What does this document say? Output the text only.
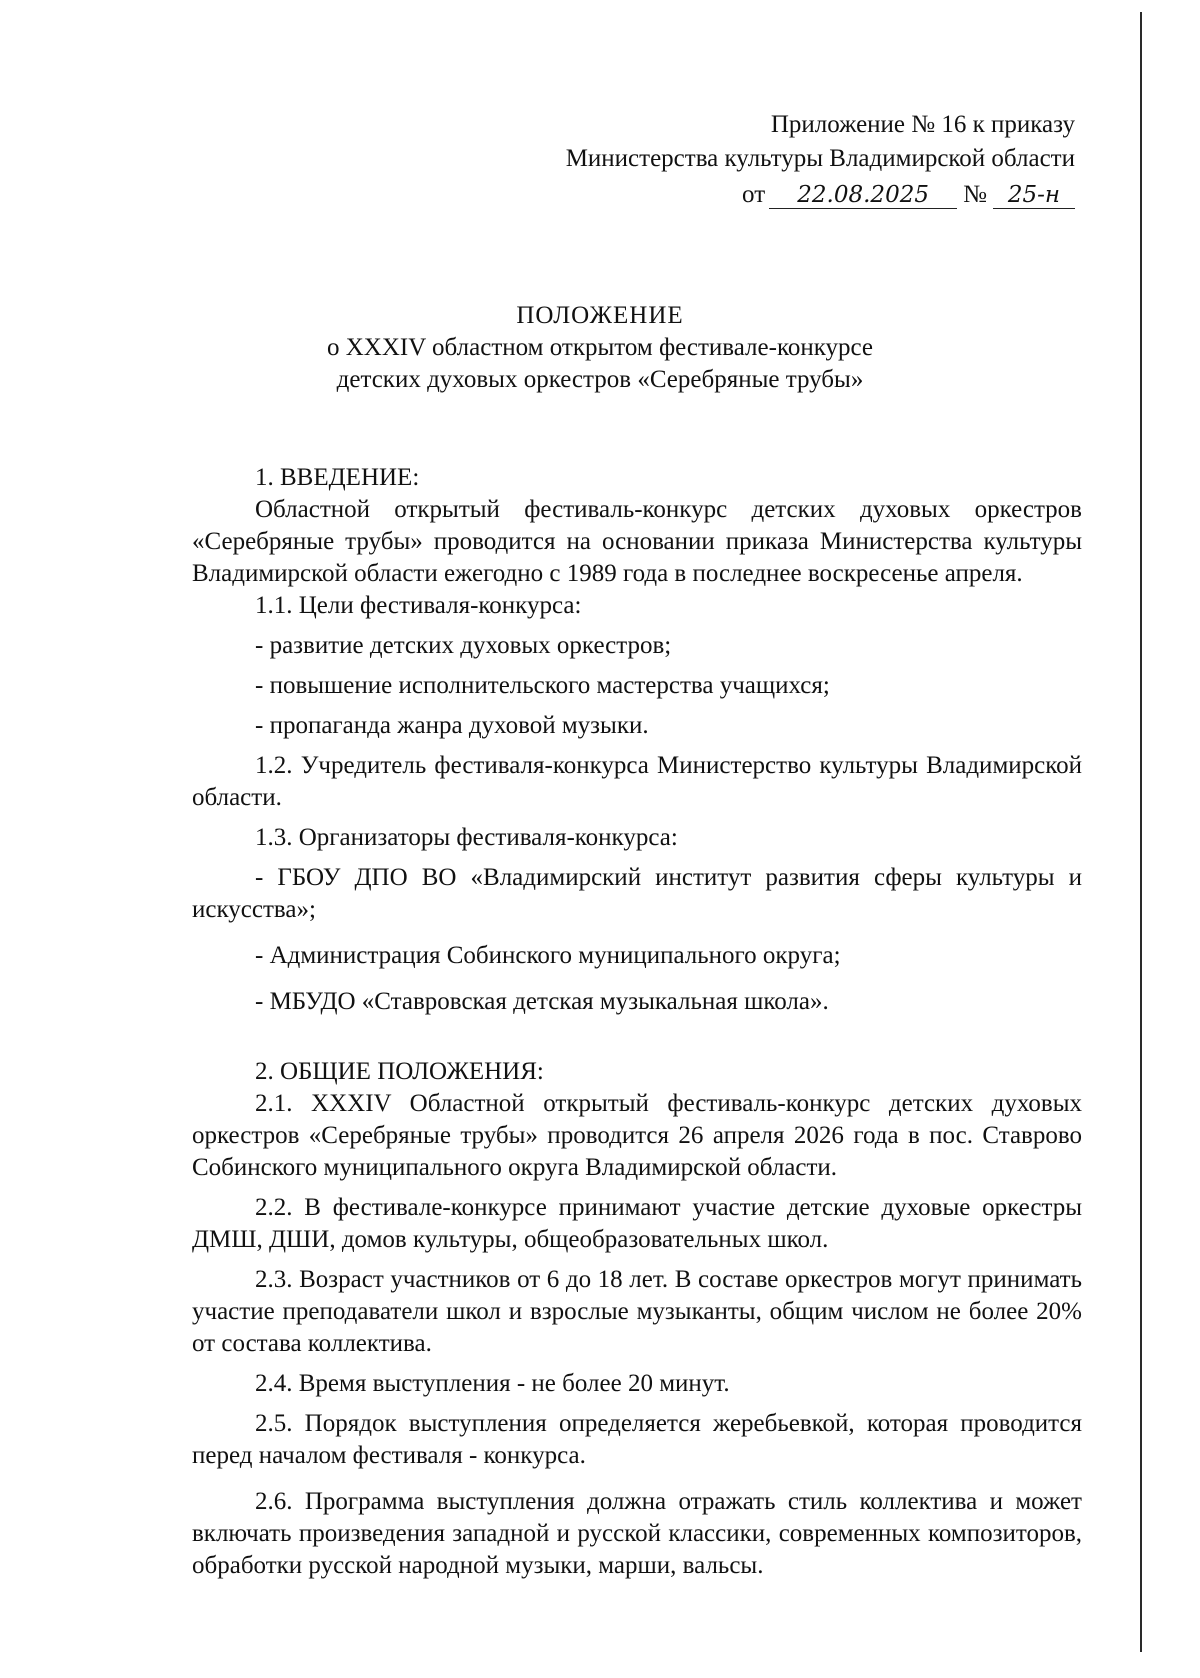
Приложение № 16 к приказу
Министерства культуры Владимирской области
от 22.08.2025 № 25-н
ПОЛОЖЕНИЕ
о XXXIV областном открытом фестивале-конкурсе
детских духовых оркестров «Серебряные трубы»

1. ВВЕДЕНИЕ:

Областной открытый фестиваль-конкурс детских духовых оркестров «Серебряные трубы» проводится на основании приказа Министерства культуры Владимирской области ежегодно с 1989 года в последнее воскресенье апреля.

1.1. Цели фестиваля-конкурса:

- развитие детских духовых оркестров;

- повышение исполнительского мастерства учащихся;

- пропаганда жанра духовой музыки.

1.2. Учредитель фестиваля-конкурса Министерство культуры Владимирской области.

1.3. Организаторы фестиваля-конкурса:

- ГБОУ ДПО ВО «Владимирский институт развития сферы культуры и искусства»;

- Администрация Собинского муниципального округа;

- МБУДО «Ставровская детская музыкальная школа».

2. ОБЩИЕ ПОЛОЖЕНИЯ:

2.1. XXXIV Областной открытый фестиваль-конкурс детских духовых оркестров «Серебряные трубы» проводится 26 апреля 2026 года в пос. Ставрово Собинского муниципального округа Владимирской области.

2.2. В фестивале-конкурсе принимают участие детские духовые оркестры ДМШ, ДШИ, домов культуры, общеобразовательных школ.

2.3. Возраст участников от 6 до 18 лет. В составе оркестров могут принимать участие преподаватели школ и взрослые музыканты, общим числом не более 20% от состава коллектива.

2.4. Время выступления - не более 20 минут.

2.5. Порядок выступления определяется жеребьевкой, которая проводится перед началом фестиваля - конкурса.

2.6. Программа выступления должна отражать стиль коллектива и может включать произведения западной и русской классики, современных композиторов, обработки русской народной музыки, марши, вальсы.
